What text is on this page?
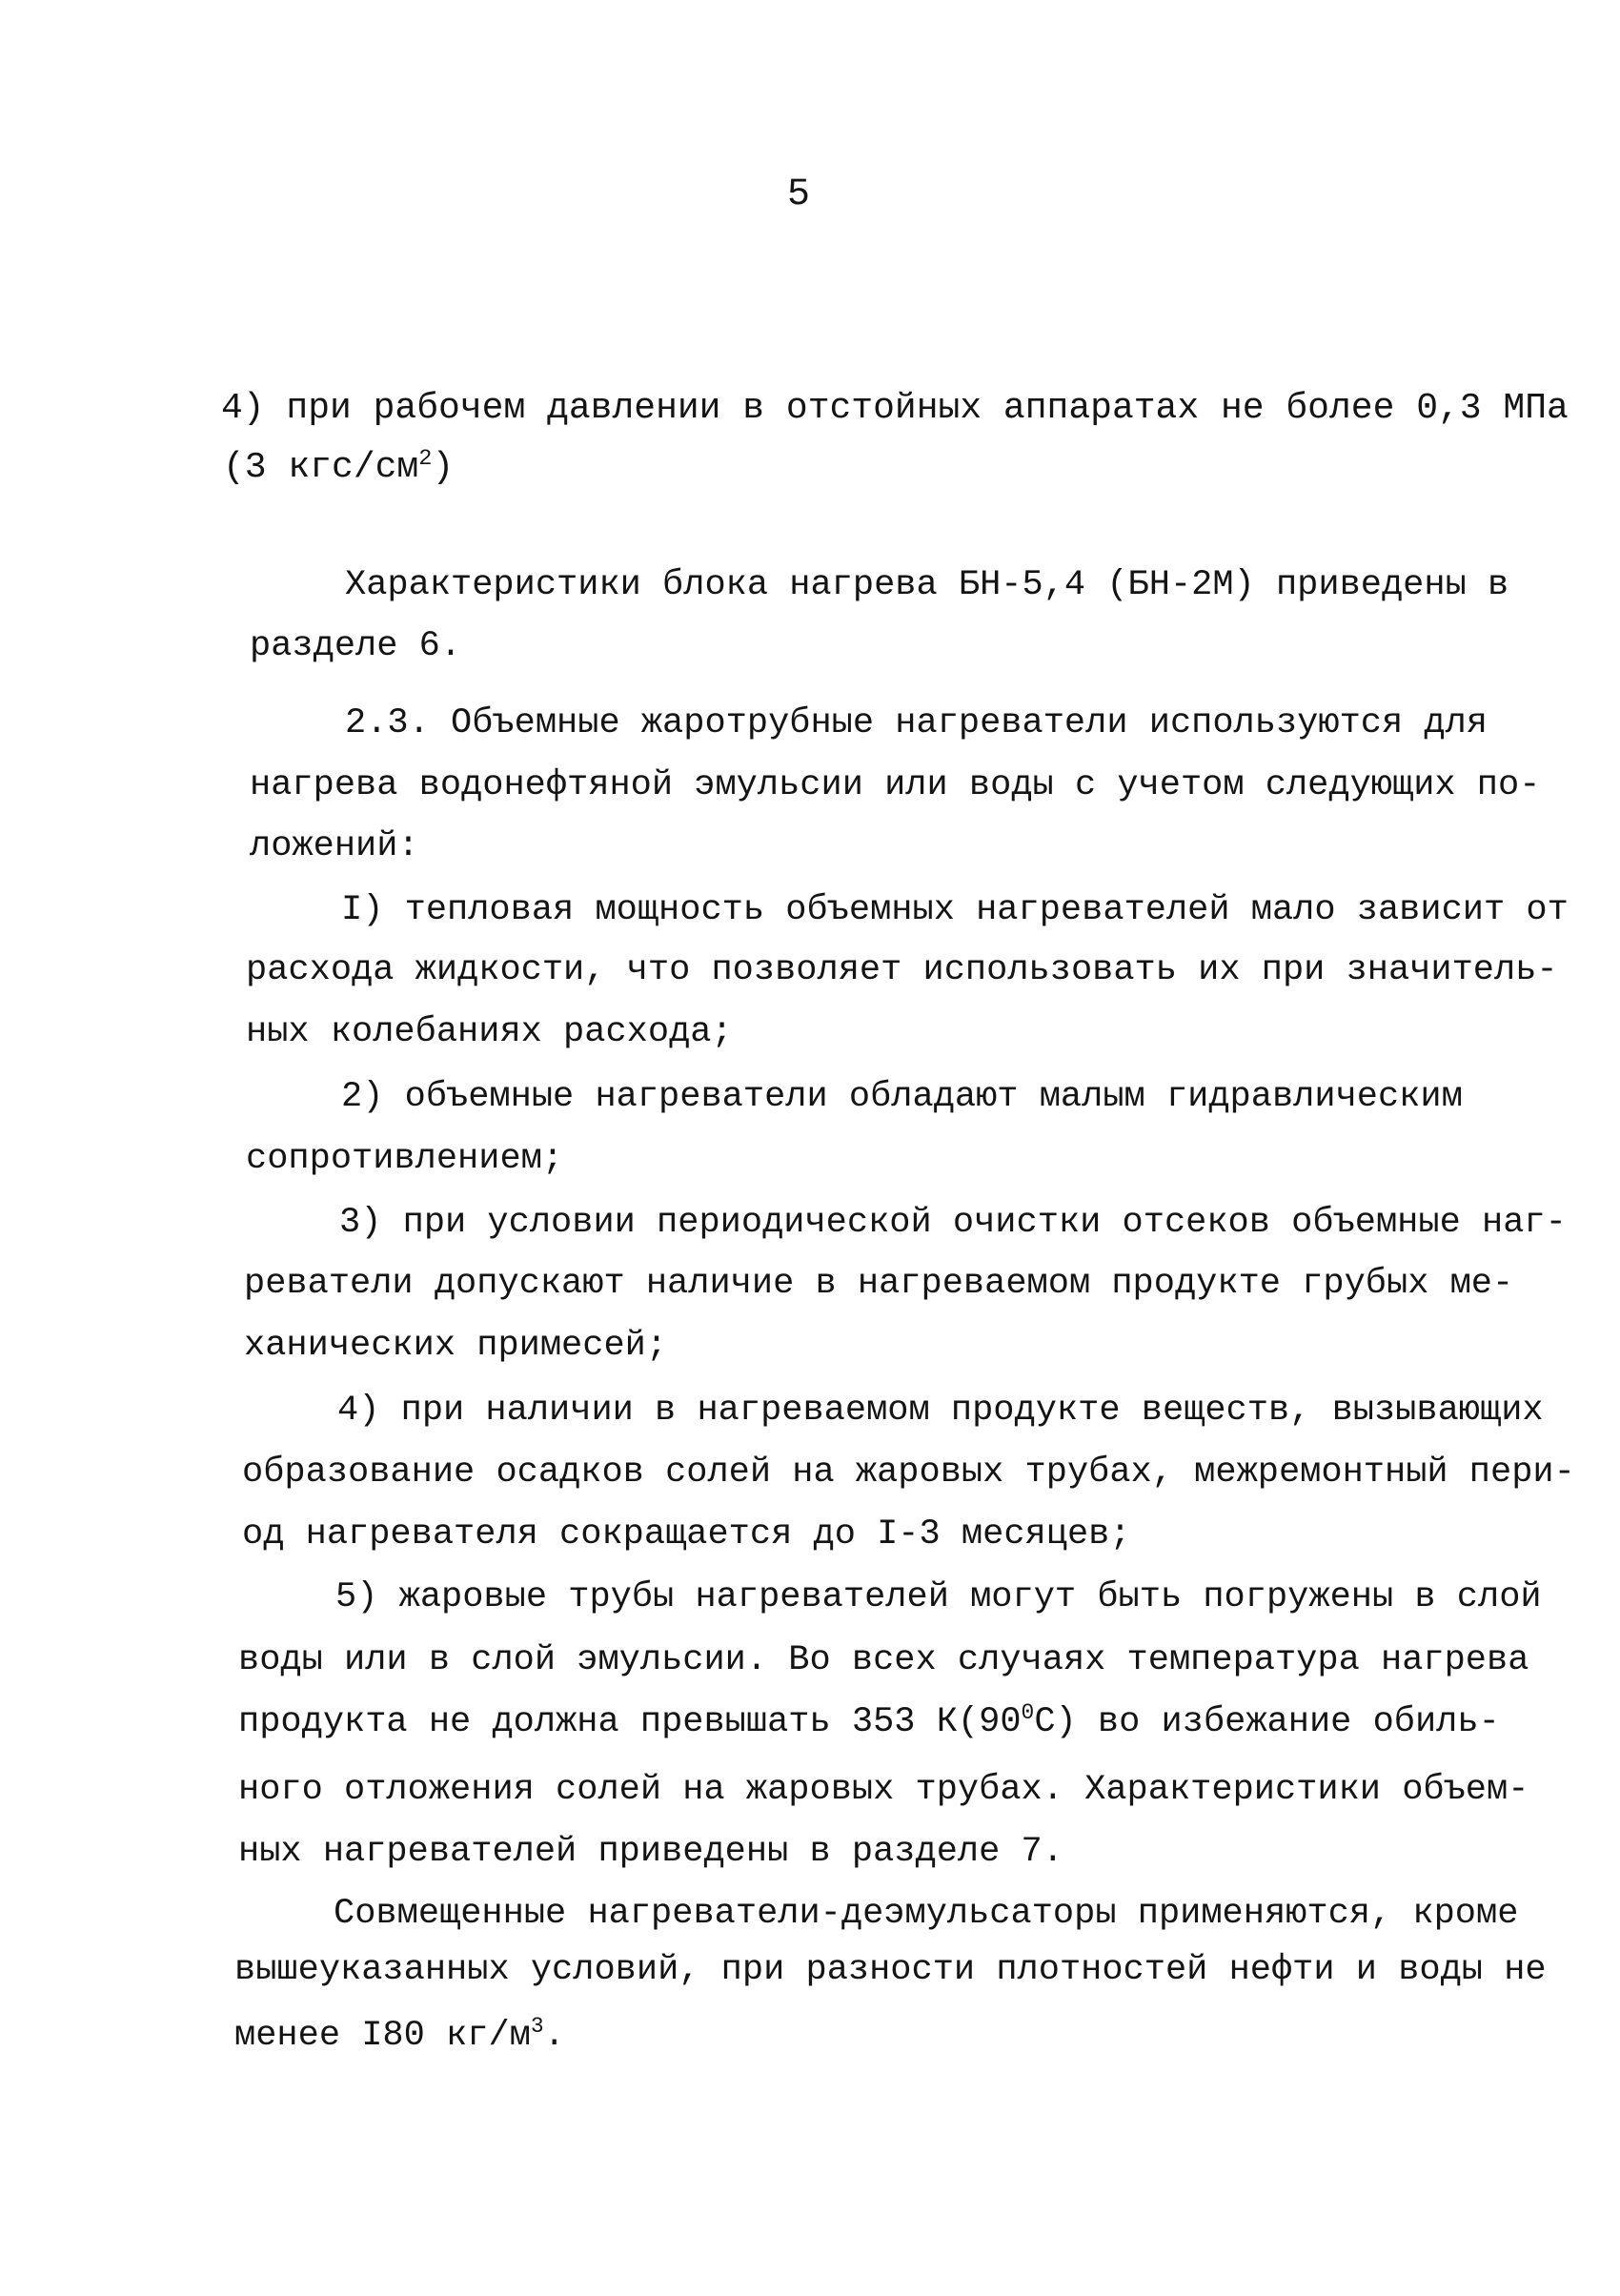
5
4) при рабочем давлении в отстойных аппаратах не более 0,3 МПа
(3 кгс/$см^2$)
Характеристики блока нагрева БН-5,4 (БН-2М) приведены в
разделе 6.
2.3. Объемные жаротрубные нагреватели используются для
нагрева водонефтяной эмульсии или воды с учетом следующих по-
ложений:
I) тепловая мощность объемных нагревателей мало зависит от
расхода жидкости, что позволяет использовать их при значитель-
ных колебаниях расхода;
2) объемные нагреватели обладают малым гидравлическим
сопротивлением;
3) при условии периодической очистки отсеков объемные наг-
реватели допускают наличие в нагреваемом продукте грубых ме-
ханических примесей;
4) при наличии в нагреваемом продукте веществ, вызывающих
образование осадков солей на жаровых трубах, межремонтный пери-
од нагревателя сокращается до I-3 месяцев;
5) жаровые трубы нагревателей могут быть погружены в слой
воды или в слой эмульсии. Во всех случаях температура нагрева
продукта не должна превышать 353 $К(90^0С)$ во избежание обиль-
ного отложения солей на жаровых трубах. Характеристики объем-
ных нагревателей приведены в разделе 7.
Совмещенные нагреватели-деэмульсаторы применяются, кроме
вышеуказанных условий, при разности плотностей нефти и воды не
менее I80 $кг/м^3$.
